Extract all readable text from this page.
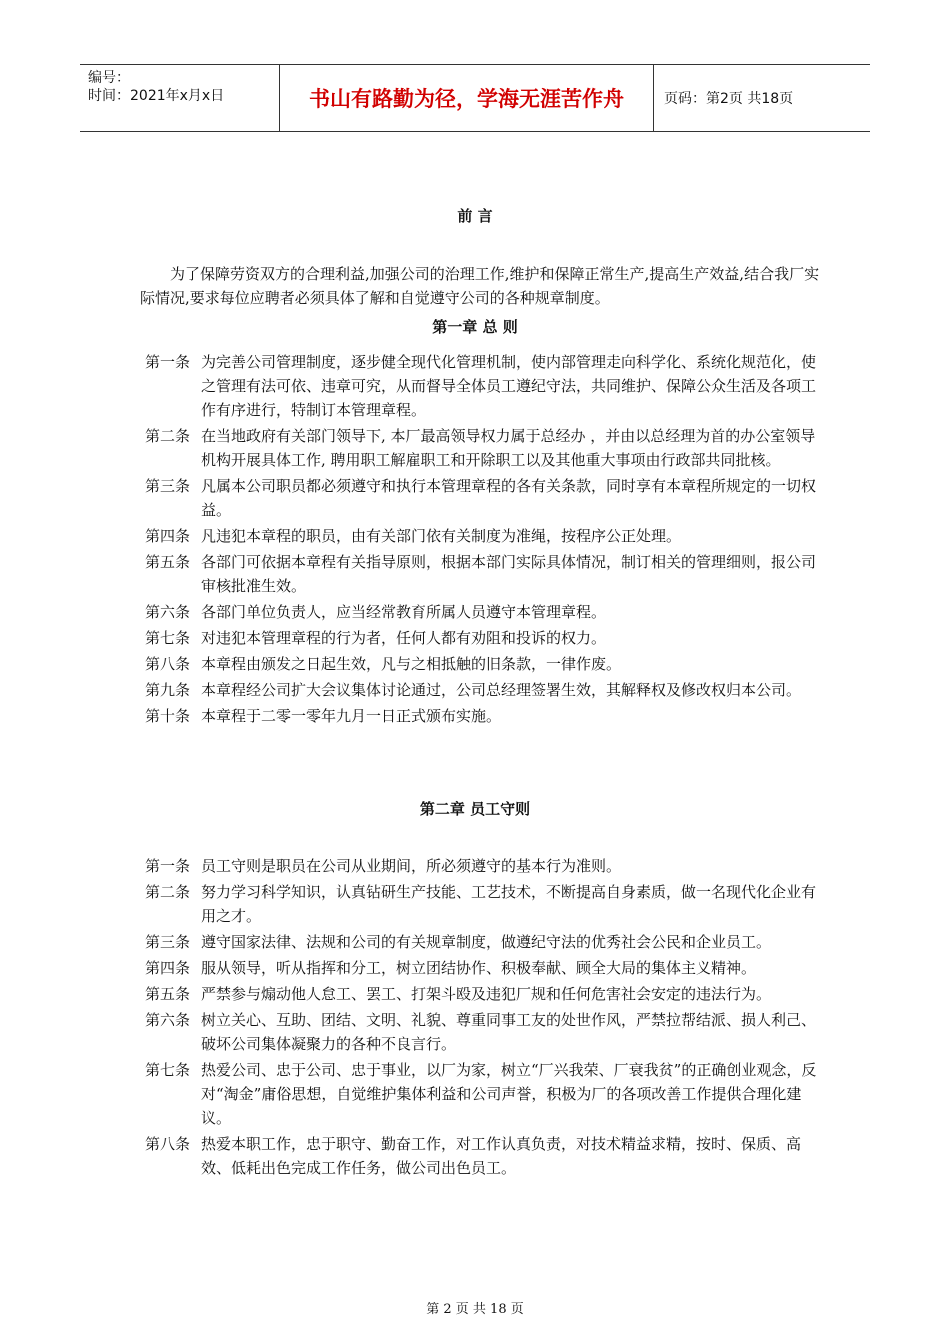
编号：
时间：2021年x月x日	书山有路勤为径，学海无涯苦作舟	页码：第2页 共18页
前 言
为了保障劳资双方的合理利益,加强公司的治理工作,维护和保障正常生产,提高生产效益,结合我厂实际情况,要求每位应聘者必须具体了解和自觉遵守公司的各种规章制度。
第一章 总 则
第一条 为完善公司管理制度，逐步健全现代化管理机制，使内部管理走向科学化、系统化规范化，使之管理有法可依、违章可究，从而督导全体员工遵纪守法，共同维护、保障公众生活及各项工作有序进行，特制订本管理章程。
第二条 在当地政府有关部门领导下, 本厂最高领导权力属于总经办 ，并由以总经理为首的办公室领导机构开展具体工作, 聘用职工解雇职工和开除职工以及其他重大事项由行政部共同批核。
第三条 凡属本公司职员都必须遵守和执行本管理章程的各有关条款，同时享有本章程所规定的一切权益。
第四条 凡违犯本章程的职员，由有关部门依有关制度为准绳，按程序公正处理。
第五条 各部门可依据本章程有关指导原则，根据本部门实际具体情况，制订相关的管理细则，报公司审核批准生效。
第六条 各部门单位负责人，应当经常教育所属人员遵守本管理章程。
第七条 对违犯本管理章程的行为者，任何人都有劝阻和投诉的权力。
第八条 本章程由颁发之日起生效，凡与之相抵触的旧条款，一律作废。
第九条 本章程经公司扩大会议集体讨论通过，公司总经理签署生效，其解释权及修改权归本公司。
第十条 本章程于二零一零年九月一日正式颁布实施。
第二章 员工守则
第一条 员工守则是职员在公司从业期间，所必须遵守的基本行为准则。
第二条 努力学习科学知识，认真钻研生产技能、工艺技术，不断提高自身素质，做一名现代化企业有用之才。
第三条 遵守国家法律、法规和公司的有关规章制度，做遵纪守法的优秀社会公民和企业员工。
第四条 服从领导，听从指挥和分工，树立团结协作、积极奉献、顾全大局的集体主义精神。
第五条 严禁参与煽动他人怠工、罢工、打架斗殴及违犯厂规和任何危害社会安定的违法行为。
第六条 树立关心、互助、团结、文明、礼貌、尊重同事工友的处世作风，严禁拉帮结派、损人利己、破坏公司集体凝聚力的各种不良言行。
第七条 热爱公司、忠于公司、忠于事业，以厂为家，树立“厂兴我荣、厂衰我贫”的正确创业观念，反对“淘金”庸俗思想，自觉维护集体利益和公司声誉，积极为厂的各项改善工作提供合理化建议。
第八条 热爱本职工作，忠于职守、勤奋工作，对工作认真负责，对技术精益求精，按时、保质、高效、低耗出色完成工作任务，做公司出色员工。
第 2 页 共 18 页
